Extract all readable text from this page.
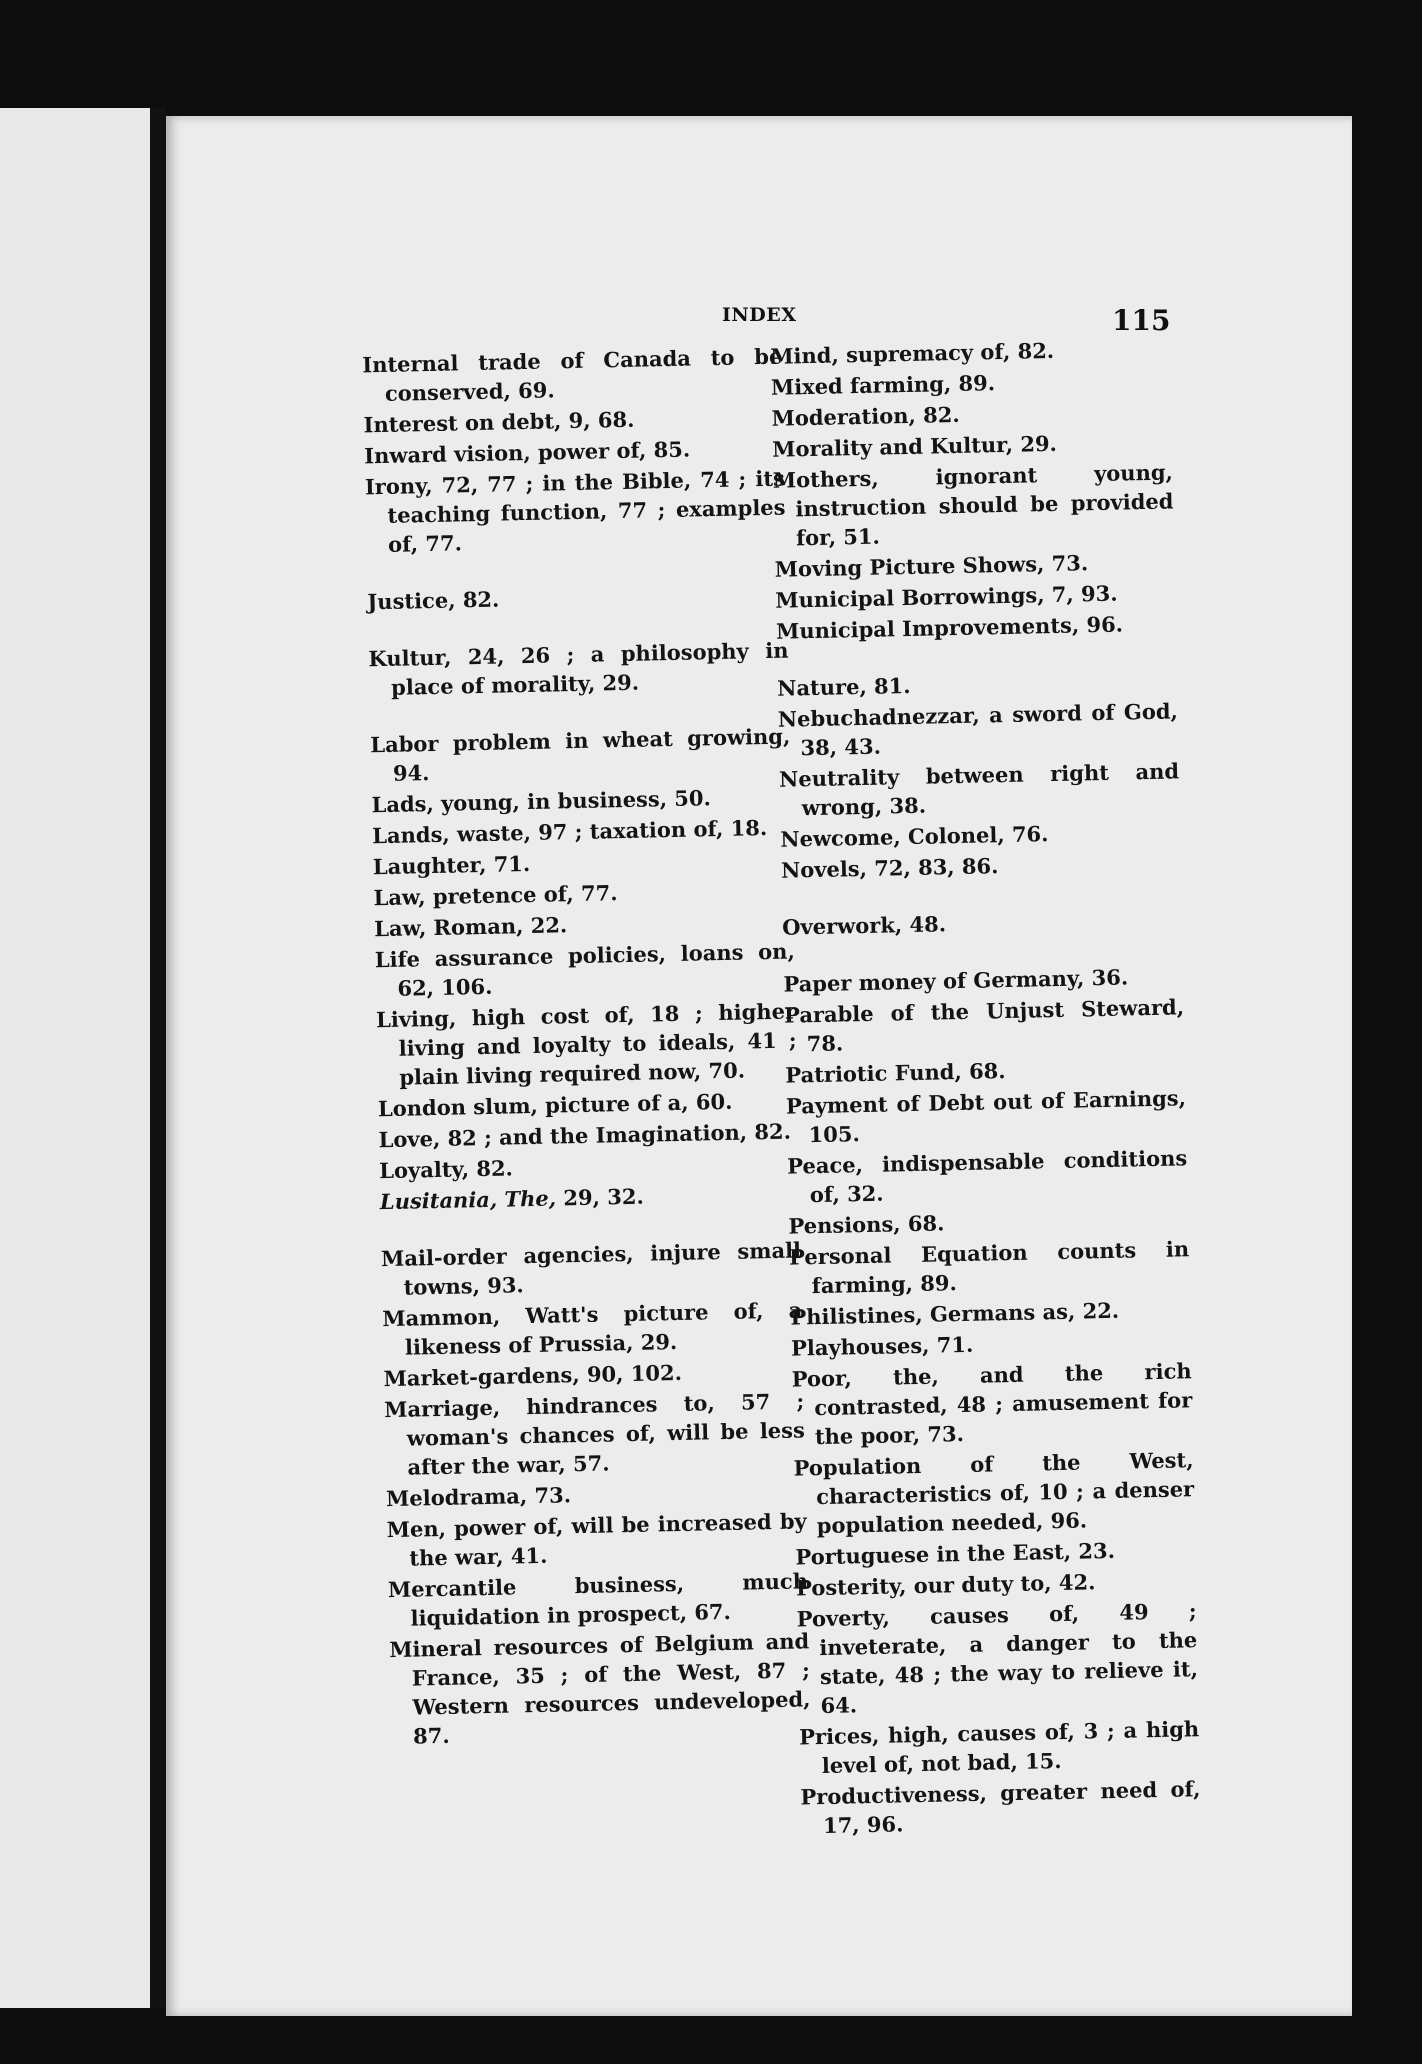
INDEX	115

Internal trade of Canada to be conserved, 69.

Interest on debt, 9, 68.

Inward vision, power of, 85.

Irony, 72, 77 ; in the Bible, 74 ; its teaching function, 77 ; examples of, 77.

Justice, 82.

Kultur, 24, 26 ; a philosophy in place of morality, 29.

Labor problem in wheat growing, 94.

Lads, young, in business, 50.

Lands, waste, 97 ; taxation of, 18.

Laughter, 71.

Law, pretence of, 77.

Law, Roman, 22.

Life assurance policies, loans on, 62, 106.

Living, high cost of, 18 ; higher living and loyalty to ideals, 41 ; plain living required now, 70.

London slum, picture of a, 60.

Love, 82 ; and the Imagination, 82.

Loyalty, 82.

Lusitania, The, 29, 32.

Mail-order agencies, injure small towns, 93.

Mammon, Watt's picture of, a likeness of Prussia, 29.

Market-gardens, 90, 102.

Marriage, hindrances to, 57 ; woman's chances of, will be less after the war, 57.

Melodrama, 73.

Men, power of, will be increased by the war, 41.

Mercantile business, much liquidation in prospect, 67.

Mineral resources of Belgium and France, 35 ; of the West, 87 ; Western resources undeveloped, 87.

Mind, supremacy of, 82.

Mixed farming, 89.

Moderation, 82.

Morality and Kultur, 29.

Mothers, ignorant young, instruction should be provided for, 51.

Moving Picture Shows, 73.

Municipal Borrowings, 7, 93.

Municipal Improvements, 96.

Nature, 81.

Nebuchadnezzar, a sword of God, 38, 43.

Neutrality between right and wrong, 38.

Newcome, Colonel, 76.

Novels, 72, 83, 86.

Overwork, 48.

Paper money of Germany, 36.

Parable of the Unjust Steward, 78.

Patriotic Fund, 68.

Payment of Debt out of Earnings, 105.

Peace, indispensable conditions of, 32.

Pensions, 68.

Personal Equation counts in farming, 89.

Philistines, Germans as, 22.

Playhouses, 71.

Poor, the, and the rich contrasted, 48 ; amusement for the poor, 73.

Population of the West, characteristics of, 10 ; a denser population needed, 96.

Portuguese in the East, 23.

Posterity, our duty to, 42.

Poverty, causes of, 49 ; inveterate, a danger to the state, 48 ; the way to relieve it, 64.

Prices, high, causes of, 3 ; a high level of, not bad, 15.

Productiveness, greater need of, 17, 96.
